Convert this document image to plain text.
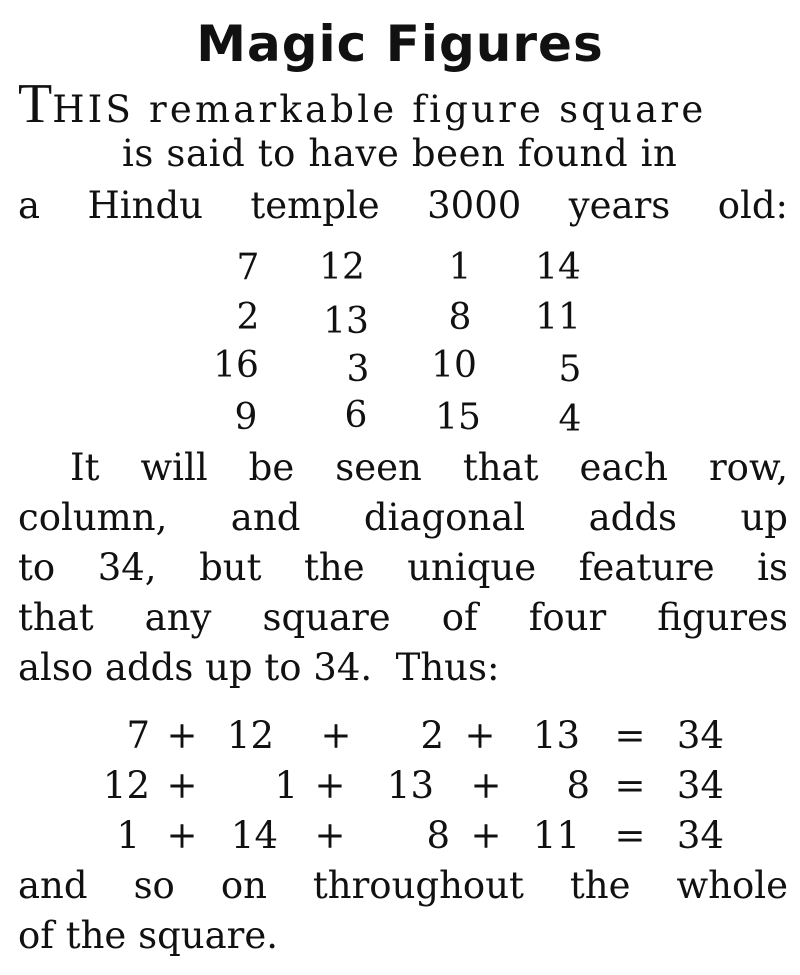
Magic Figures
THIS remarkable figure square
is said to have been found in
a Hindu temple 3000 years old:
7	12	1	14
2	13	8	11
16	3	10	5
9	6	15	4
It will be seen that each row,
column, and diagonal adds up
to 34, but the unique feature is
that any square of four figures
also adds up to 34.  Thus:
7 + 12 +	2 +	13 = 34
12 +	1 +	13 +	8 = 34
1 + 14 +	8 + 11 = 34
and so on throughout the whole
of the square.
